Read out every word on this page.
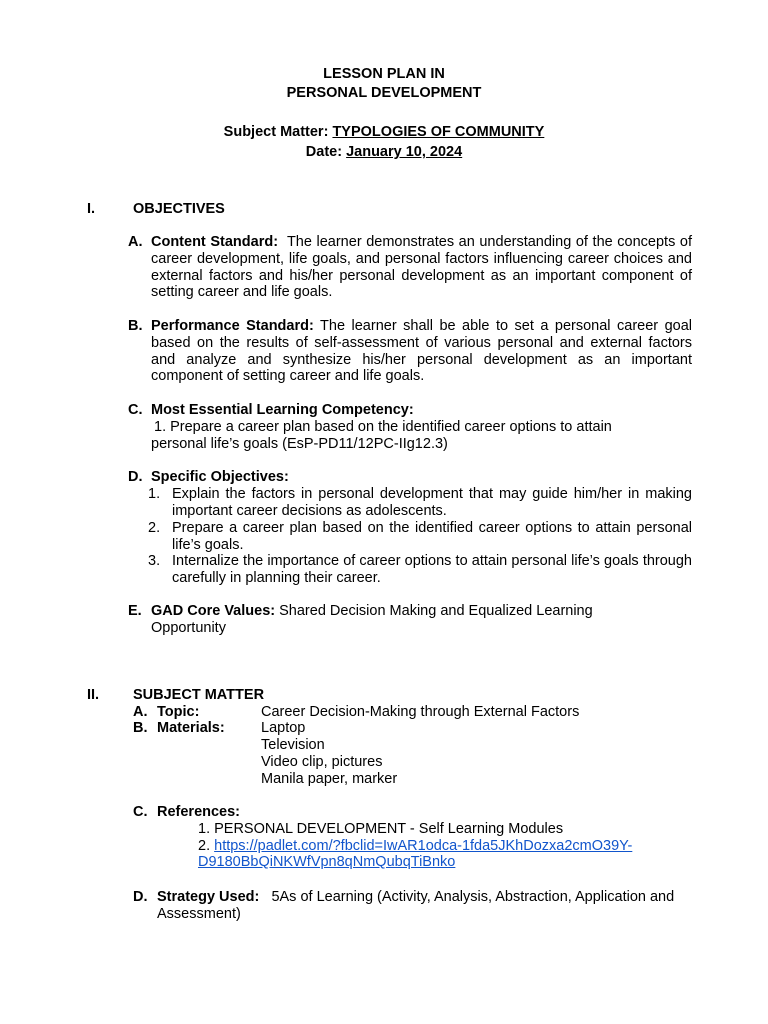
LESSON PLAN IN
PERSONAL DEVELOPMENT
Subject Matter: TYPOLOGIES OF COMMUNITY
Date: January 10, 2024
I.	OBJECTIVES
A. Content Standard: The learner demonstrates an understanding of the concepts of career development, life goals, and personal factors influencing career choices and external factors and his/her personal development as an important component of setting career and life goals.
B. Performance Standard: The learner shall be able to set a personal career goal based on the results of self-assessment of various personal and external factors and analyze and synthesize his/her personal development as an important component of setting career and life goals.
C. Most Essential Learning Competency:
1. Prepare a career plan based on the identified career options to attain personal life’s goals (EsP-PD11/12PC-IIg12.3)
D. Specific Objectives:
1. Explain the factors in personal development that may guide him/her in making important career decisions as adolescents.
2. Prepare a career plan based on the identified career options to attain personal life’s goals.
3. Internalize the importance of career options to attain personal life’s goals through carefully in planning their career.
E. GAD Core Values: Shared Decision Making and Equalized Learning Opportunity
II. SUBJECT MATTER
A. Topic:	Career Decision-Making through External Factors
B. Materials:	Laptop
Television
Video clip, pictures
Manila paper, marker
C. References:
1. PERSONAL DEVELOPMENT - Self Learning Modules
2. https://padlet.com/?fbclid=IwAR1odca-1fda5JKhDozxa2cmO39Y-
D9180BbQiNKWfVpn8qNmQubqTiBnko
D. Strategy Used: 5As of Learning (Activity, Analysis, Abstraction, Application and Assessment)
